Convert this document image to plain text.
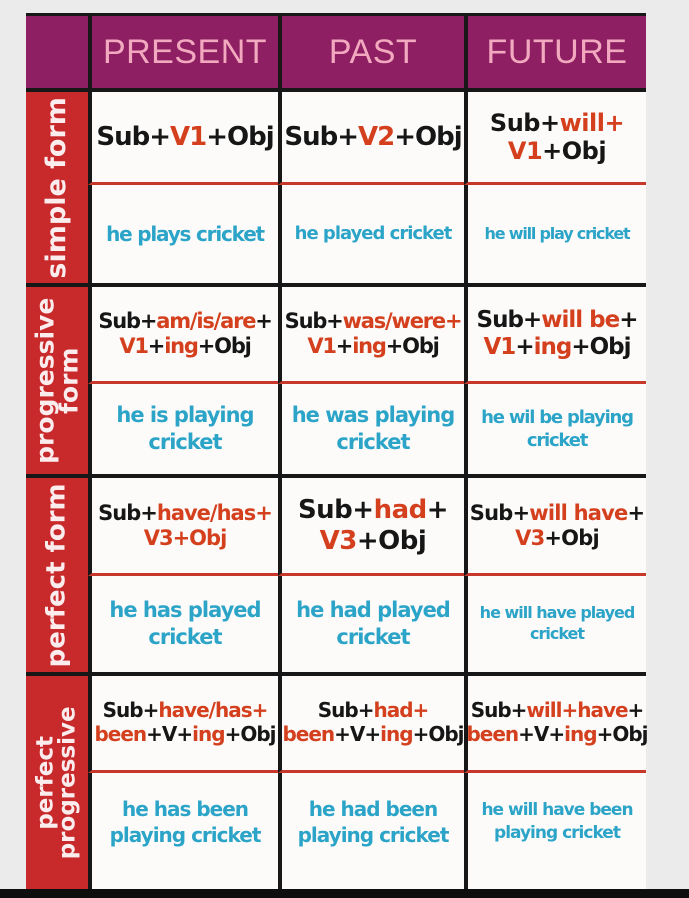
PRESENT	PAST	FUTURE
simple form Sub+V1+Obj Sub+V2+Obj Sub+will+
V1+Obj
he plays cricket he played cricket he will play cricket
progressive
form
Sub+am/is/are+
V1+ing+Obj
Sub+was/were+
V1+ing+Obj
Sub+will be+
V1+ing+Obj
he is playing
cricket
he was playing
cricket
he wil be playing
cricket
perfect form Sub+have/has+
V3+Obj
Sub+had+
V3+Obj
Sub+will have+
V3+Obj
he has played
cricket
he had played
cricket
he will have played
cricket
perfect
progressive Sub+have/has+
been+V+ing+Obj
Sub+had+
been+V+ing+Obj
Sub+will+have+
been+V+ing+Obj
he has been
playing cricket
he had been
playing cricket
he will have been
playing cricket
